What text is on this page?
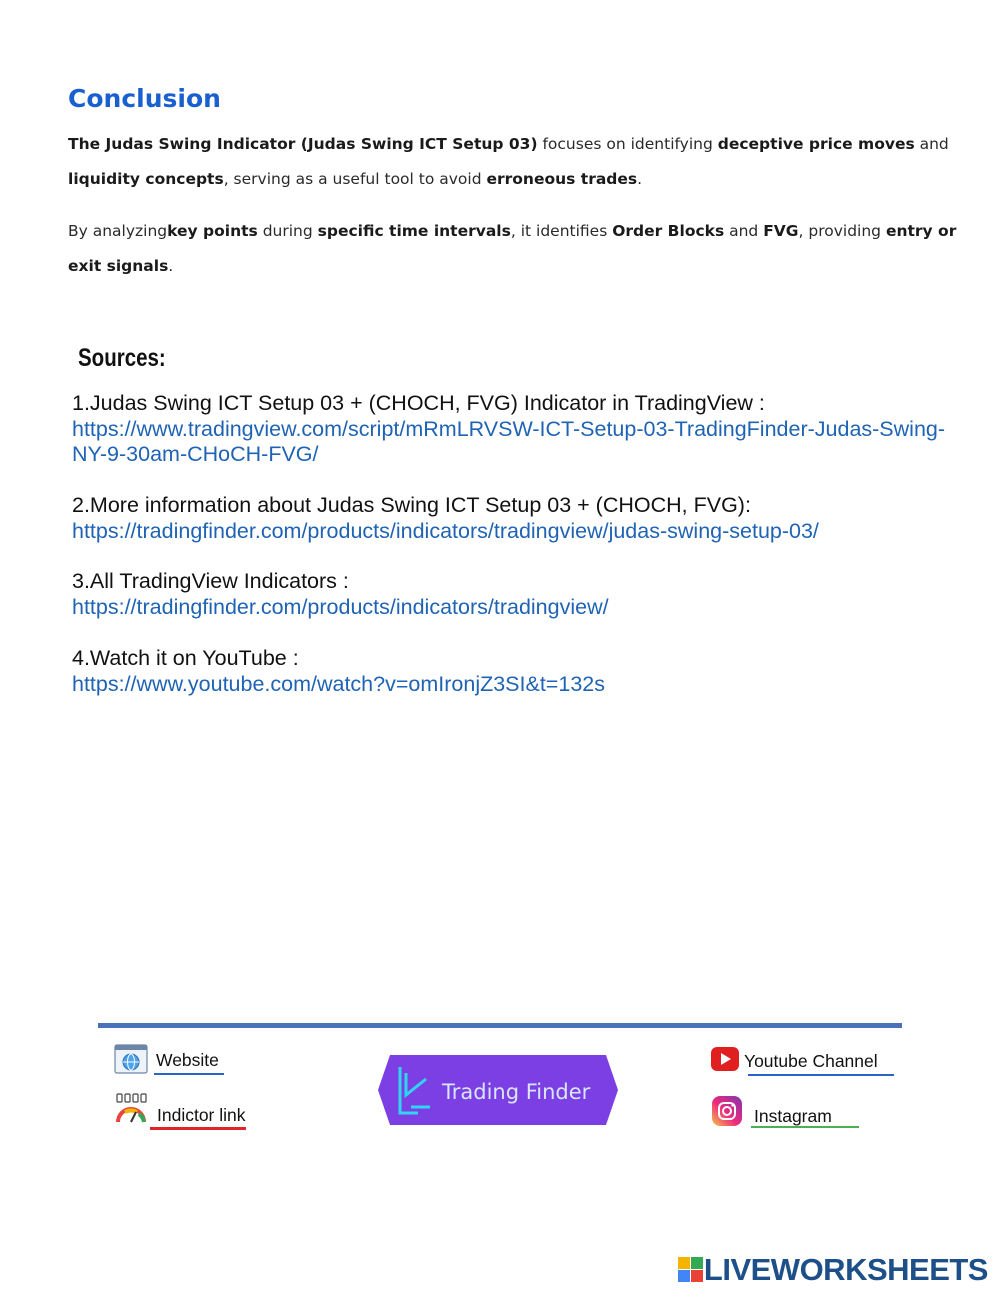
Conclusion
The Judas Swing Indicator (Judas Swing ICT Setup 03) focuses on identifying deceptive price moves and liquidity concepts, serving as a useful tool to avoid erroneous trades.
By analyzingkey points during specific time intervals, it identifies Order Blocks and FVG, providing entry or exit signals.
Sources:
1.Judas Swing ICT Setup 03 + (CHOCH, FVG) Indicator in TradingView :
https://www.tradingview.com/script/mRmLRVSW-ICT-Setup-03-TradingFinder-Judas-Swing-NY-9-30am-CHoCH-FVG/
2.More information about Judas Swing ICT Setup 03 + (CHOCH, FVG):
https://tradingfinder.com/products/indicators/tradingview/judas-swing-setup-03/
3.All TradingView Indicators :
https://tradingfinder.com/products/indicators/tradingview/
4.Watch it on YouTube :
https://www.youtube.com/watch?v=omIronjZ3SI&t=132s
Website
Indictor link
Trading Finder
Youtube Channel
Instagram
LIVEWORKSHEETS
